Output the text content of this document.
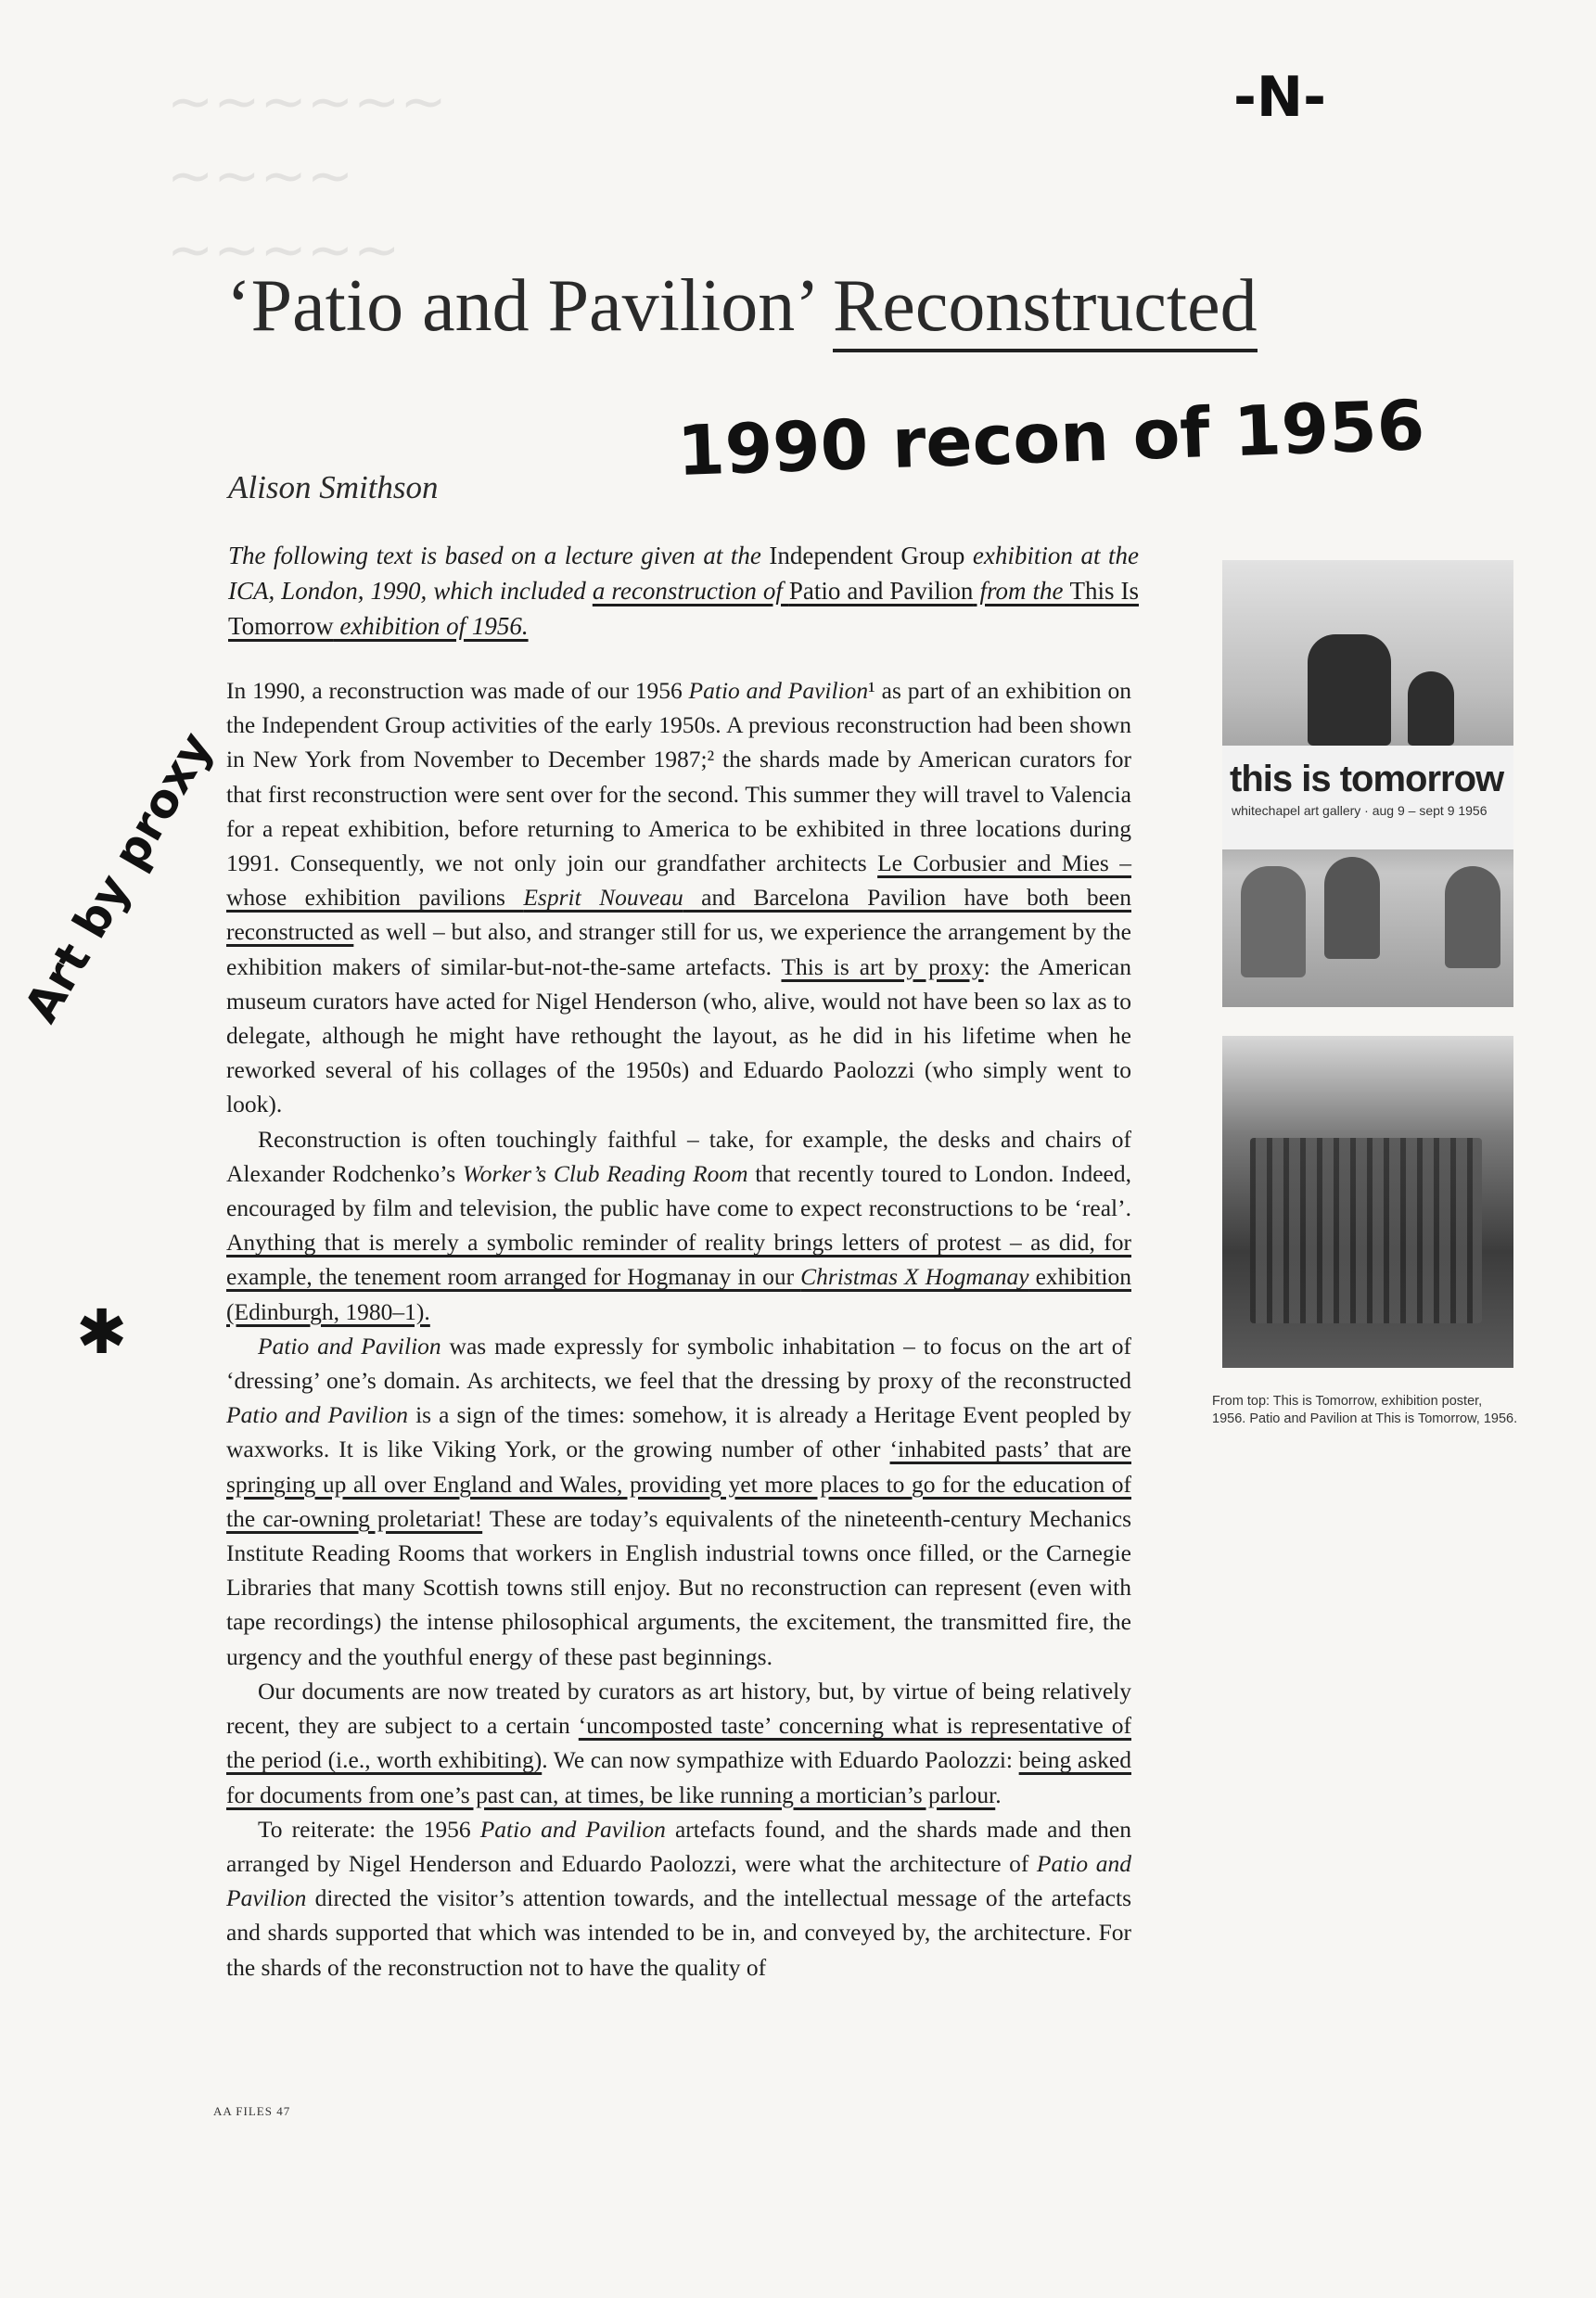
~~~~~~
~~~~
~~~~~
-N-
‘Patio and Pavilion’ Reconstructed
1990 recon of 1956
Alison Smithson
Art by proxy
✱
The following text is based on a lecture given at the Independent Group exhibition at the ICA, London, 1990, which included a reconstruction of Patio and Pavilion from the This Is Tomorrow exhibition of 1956.

In 1990, a reconstruction was made of our 1956 Patio and Pavilion¹ as part of an exhibition on the Independent Group activities of the early 1950s. A previous reconstruction had been shown in New York from November to December 1987;² the shards made by American curators for that first reconstruction were sent over for the second. This summer they will travel to Valencia for a repeat exhibition, before returning to America to be exhibited in three locations during 1991. Consequently, we not only join our grandfather architects Le Corbusier and Mies – whose exhibition pavilions Esprit Nouveau and Barcelona Pavilion have both been reconstructed as well – but also, and stranger still for us, we experience the arrangement by the exhibition makers of similar-but-not-the-same artefacts. This is art by proxy: the American museum curators have acted for Nigel Henderson (who, alive, would not have been so lax as to delegate, although he might have rethought the layout, as he did in his lifetime when he reworked several of his collages of the 1950s) and Eduardo Paolozzi (who simply went to look).

Reconstruction is often touchingly faithful – take, for example, the desks and chairs of Alexander Rodchenko’s Worker’s Club Reading Room that recently toured to London. Indeed, encouraged by film and television, the public have come to expect reconstructions to be ‘real’. Anything that is merely a symbolic reminder of reality brings letters of protest – as did, for example, the tenement room arranged for Hogmanay in our Christmas X Hogmanay exhibition (Edinburgh, 1980–1).

Patio and Pavilion was made expressly for symbolic inhabitation – to focus on the art of ‘dressing’ one’s domain. As architects, we feel that the dressing by proxy of the reconstructed Patio and Pavilion is a sign of the times: somehow, it is already a Heritage Event peopled by waxworks. It is like Viking York, or the growing number of other ‘inhabited pasts’ that are springing up all over England and Wales, providing yet more places to go for the education of the car-owning proletariat! These are today’s equivalents of the nineteenth-century Mechanics Institute Reading Rooms that workers in English industrial towns once filled, or the Carnegie Libraries that many Scottish towns still enjoy. But no reconstruction can represent (even with tape recordings) the intense philosophical arguments, the excitement, the transmitted fire, the urgency and the youthful energy of these past beginnings.

Our documents are now treated by curators as art history, but, by virtue of being relatively recent, they are subject to a certain ‘uncomposted taste’ concerning what is representative of the period (i.e., worth exhibiting). We can now sympathize with Eduardo Paolozzi: being asked for documents from one’s past can, at times, be like running a mortician’s parlour.

To reiterate: the 1956 Patio and Pavilion artefacts found, and the shards made and then arranged by Nigel Henderson and Eduardo Paolozzi, were what the architecture of Patio and Pavilion directed the visitor’s attention towards, and the intellectual message of the artefacts and shards supported that which was intended to be in, and conveyed by, the architecture. For the shards of the reconstruction not to have the quality of

this is tomorrow
whitechapel art gallery · aug 9 – sept 9 1956
From top: This is Tomorrow, exhibition poster, 1956. Patio and Pavilion at This is Tomorrow, 1956.
AA FILES 47
